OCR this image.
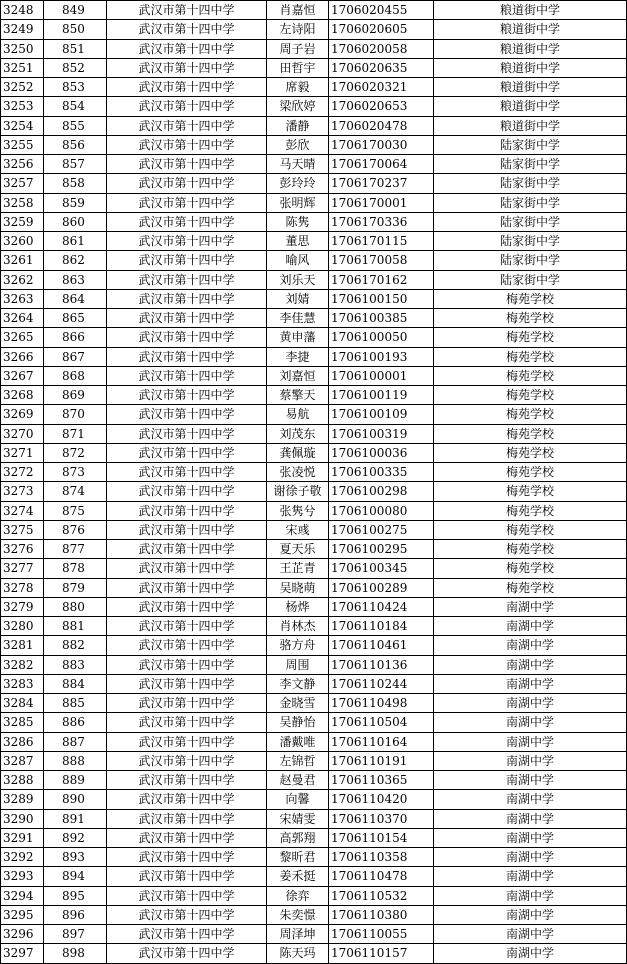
3248	849	武汉市第十四中学	肖嘉恒	1706020455	粮道街中学
3249	850	武汉市第十四中学	左诗阳	1706020605	粮道街中学
3250	851	武汉市第十四中学	周子岩	1706020058	粮道街中学
3251	852	武汉市第十四中学	田哲宇	1706020635	粮道街中学
3252	853	武汉市第十四中学	席毅	1706020321	粮道街中学
3253	854	武汉市第十四中学	梁欣婷	1706020653	粮道街中学
3254	855	武汉市第十四中学	潘静	1706020478	粮道街中学
3255	856	武汉市第十四中学	彭欣	1706170030	陆家街中学
3256	857	武汉市第十四中学	马天晴	1706170064	陆家街中学
3257	858	武汉市第十四中学	彭玲玲	1706170237	陆家街中学
3258	859	武汉市第十四中学	张明辉	1706170001	陆家街中学
3259	860	武汉市第十四中学	陈隽	1706170336	陆家街中学
3260	861	武汉市第十四中学	董思	1706170115	陆家街中学
3261	862	武汉市第十四中学	喻风	1706170058	陆家街中学
3262	863	武汉市第十四中学	刘乐天	1706170162	陆家街中学
3263	864	武汉市第十四中学	刘婧	1706100150	梅苑学校
3264	865	武汉市第十四中学	李佳慧	1706100385	梅苑学校
3265	866	武汉市第十四中学	黄申藩	1706100050	梅苑学校
3266	867	武汉市第十四中学	李捷	1706100193	梅苑学校
3267	868	武汉市第十四中学	刘嘉恒	1706100001	梅苑学校
3268	869	武汉市第十四中学	蔡擎天	1706100119	梅苑学校
3269	870	武汉市第十四中学	易航	1706100109	梅苑学校
3270	871	武汉市第十四中学	刘茂东	1706100319	梅苑学校
3271	872	武汉市第十四中学	龚佩璇	1706100036	梅苑学校
3272	873	武汉市第十四中学	张凌悦	1706100335	梅苑学校
3273	874	武汉市第十四中学	谢徐子敬	1706100298	梅苑学校
3274	875	武汉市第十四中学	张隽兮	1706100080	梅苑学校
3275	876	武汉市第十四中学	宋彧	1706100275	梅苑学校
3276	877	武汉市第十四中学	夏天乐	1706100295	梅苑学校
3277	878	武汉市第十四中学	王芷青	1706100345	梅苑学校
3278	879	武汉市第十四中学	吴晓萌	1706100289	梅苑学校
3279	880	武汉市第十四中学	杨烨	1706110424	南湖中学
3280	881	武汉市第十四中学	肖林杰	1706110184	南湖中学
3281	882	武汉市第十四中学	骆方舟	1706110461	南湖中学
3282	883	武汉市第十四中学	周围	1706110136	南湖中学
3283	884	武汉市第十四中学	李文静	1706110244	南湖中学
3284	885	武汉市第十四中学	金晓雪	1706110498	南湖中学
3285	886	武汉市第十四中学	吴静怡	1706110504	南湖中学
3286	887	武汉市第十四中学	潘戴唯	1706110164	南湖中学
3287	888	武汉市第十四中学	左锦哲	1706110191	南湖中学
3288	889	武汉市第十四中学	赵曼君	1706110365	南湖中学
3289	890	武汉市第十四中学	向馨	1706110420	南湖中学
3290	891	武汉市第十四中学	宋婧雯	1706110370	南湖中学
3291	892	武汉市第十四中学	高郭翔	1706110154	南湖中学
3292	893	武汉市第十四中学	黎昕君	1706110358	南湖中学
3293	894	武汉市第十四中学	姜禾挺	1706110478	南湖中学
3294	895	武汉市第十四中学	徐弈	1706110532	南湖中学
3295	896	武汉市第十四中学	朱奕憬	1706110380	南湖中学
3296	897	武汉市第十四中学	周泽坤	1706110055	南湖中学
3297	898	武汉市第十四中学	陈天玛	1706110157	南湖中学
